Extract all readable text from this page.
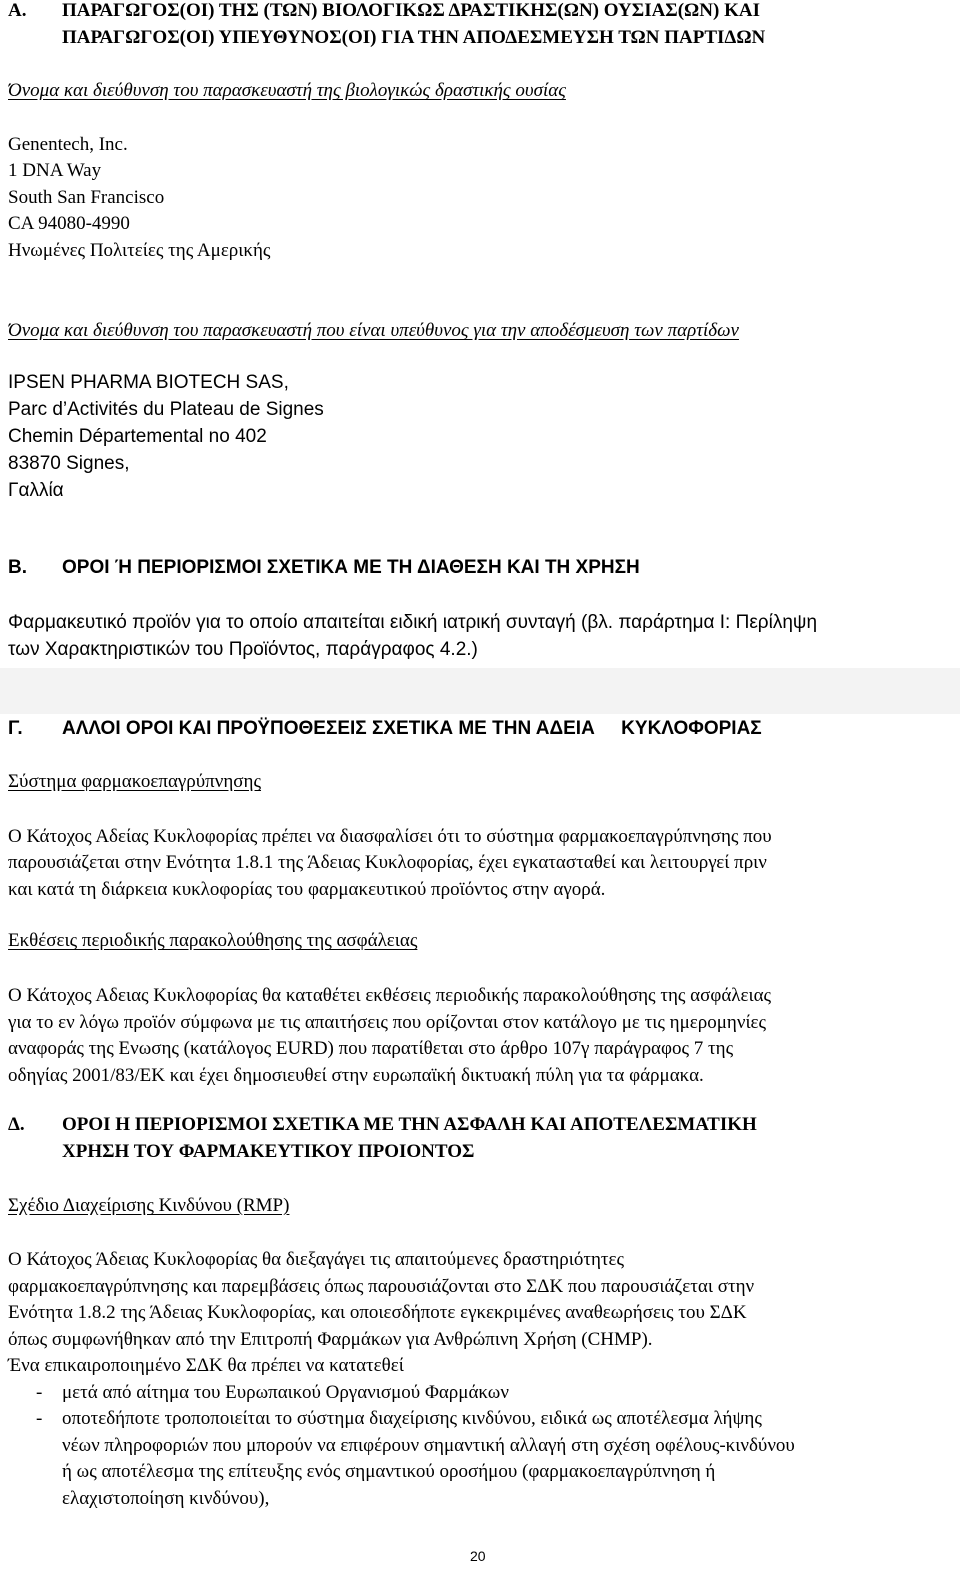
A. ΠΑΡΑΓΩΓΟΣ(ΟΙ) ΤΗΣ (ΤΩΝ) ΒΙΟΛΟΓΙΚΩΣ ΔΡΑΣΤΙΚΗΣ(ΩΝ) ΟΥΣΙΑΣ(ΩΝ) ΚΑΙ
ΠΑΡΑΓΩΓΟΣ(ΟΙ) ΥΠΕΥΘΥΝΟΣ(ΟΙ) ΓΙΑ ΤΗΝ ΑΠΟΔΕΣΜΕΥΣΗ ΤΩΝ ΠΑΡΤΙΔΩΝ
Όνομα και διεύθυνση του παρασκευαστή της βιολογικώς δραστικής ουσίας
Genentech, Inc.
1 DNA Way
South San Francisco
CA 94080-4990
Ηνωμένες Πολιτείες της Αμερικής
Όνομα και διεύθυνση του παρασκευαστή που είναι υπεύθυνος για την αποδέσμευση των παρτίδων
IPSEN PHARMA BIOTECH SAS,
Parc d’Activités du Plateau de Signes
Chemin Départemental no 402
83870 Signes,
Γαλλία
Β. ΟΡΟΙ Ή ΠΕΡΙΟΡΙΣΜΟΙ ΣΧΕΤΙΚΑ ΜΕ ΤΗ ΔΙΑΘΕΣΗ ΚΑΙ ΤΗ ΧΡΗΣΗ
Φαρμακευτικό προϊόν για το οποίο απαιτείται ειδική ιατρική συνταγή (βλ. παράρτημα Ι: Περίληψη
των Χαρακτηριστικών του Προϊόντος, παράγραφος 4.2.)
Γ. ΑΛΛΟΙ ΟΡΟΙ ΚΑΙ ΠΡΟΫΠΟΘΕΣΕΙΣ ΣΧΕΤΙΚΑ ΜΕ ΤΗΝ ΑΔΕΙΑ     ΚΥΚΛΟΦΟΡΙΑΣ
Σύστημα φαρμακοεπαγρύπνησης
Ο Κάτοχος Αδείας Κυκλοφορίας πρέπει να διασφαλίσει ότι το σύστημα φαρμακοεπαγρύπνησης που
παρουσιάζεται στην Ενότητα 1.8.1 της Άδειας Κυκλοφορίας, έχει εγκατασταθεί και λειτουργεί πριν
και κατά τη διάρκεια κυκλοφορίας του φαρμακευτικού προϊόντος στην αγορά.
Εκθέσεις περιοδικής παρακολούθησης της ασφάλειας
Ο Κάτοχος Αδειας Κυκλοφορίας θα καταθέτει εκθέσεις περιοδικής παρακολούθησης της ασφάλειας
για το εν λόγω προϊόν σύμφωνα με τις απαιτήσεις που ορίζονται στον κατάλογο με τις ημερομηνίες
αναφοράς της Ενωσης (κατάλογος EURD) που παρατίθεται στο άρθρο 107γ παράγραφος 7 της
οδηγίας 2001/83/ΕΚ και έχει δημοσιευθεί στην ευρωπαϊκή δικτυακή πύλη για τα φάρμακα.
Δ. ΟΡΟΙ Η ΠΕΡΙΟΡΙΣΜΟΙ ΣΧΕΤΙΚΑ ΜΕ ΤΗΝ ΑΣΦΑΛΗ ΚΑΙ ΑΠΟΤΕΛΕΣΜΑΤΙΚΗ
ΧΡΗΣΗ ΤΟΥ ΦΑΡΜΑΚΕΥΤΙΚΟΥ ΠΡΟΙΟΝΤΟΣ
Σχέδιο Διαχείρισης Κινδύνου (RMP)
Ο Κάτοχος Άδειας Κυκλοφορίας θα διεξαγάγει τις απαιτούμενες δραστηριότητες
φαρμακοεπαγρύπνησης και παρεμβάσεις όπως παρουσιάζονται στο ΣΔΚ που παρουσιάζεται στην
Ενότητα 1.8.2 της Άδειας Κυκλοφορίας, και οποιεσδήποτε εγκεκριμένες αναθεωρήσεις του ΣΔΚ
όπως συμφωνήθηκαν από την Επιτροπή Φαρμάκων για Ανθρώπινη Χρήση (CHMP).
Ένα επικαιροποιημένο ΣΔΚ θα πρέπει να κατατεθεί
- μετά από αίτημα του Ευρωπαικού Οργανισμού Φαρμάκων
- οποτεδήποτε τροποποιείται το σύστημα διαχείρισης κινδύνου, ειδικά ως αποτέλεσμα λήψης
νέων πληροφοριών που μπορούν να επιφέρουν σημαντική αλλαγή στη σχέση οφέλους-κινδύνου
ή ως αποτέλεσμα της επίτευξης ενός σημαντικού οροσήμου (φαρμακοεπαγρύπνηση ή
ελαχιστοποίηση κινδύνου),
20
